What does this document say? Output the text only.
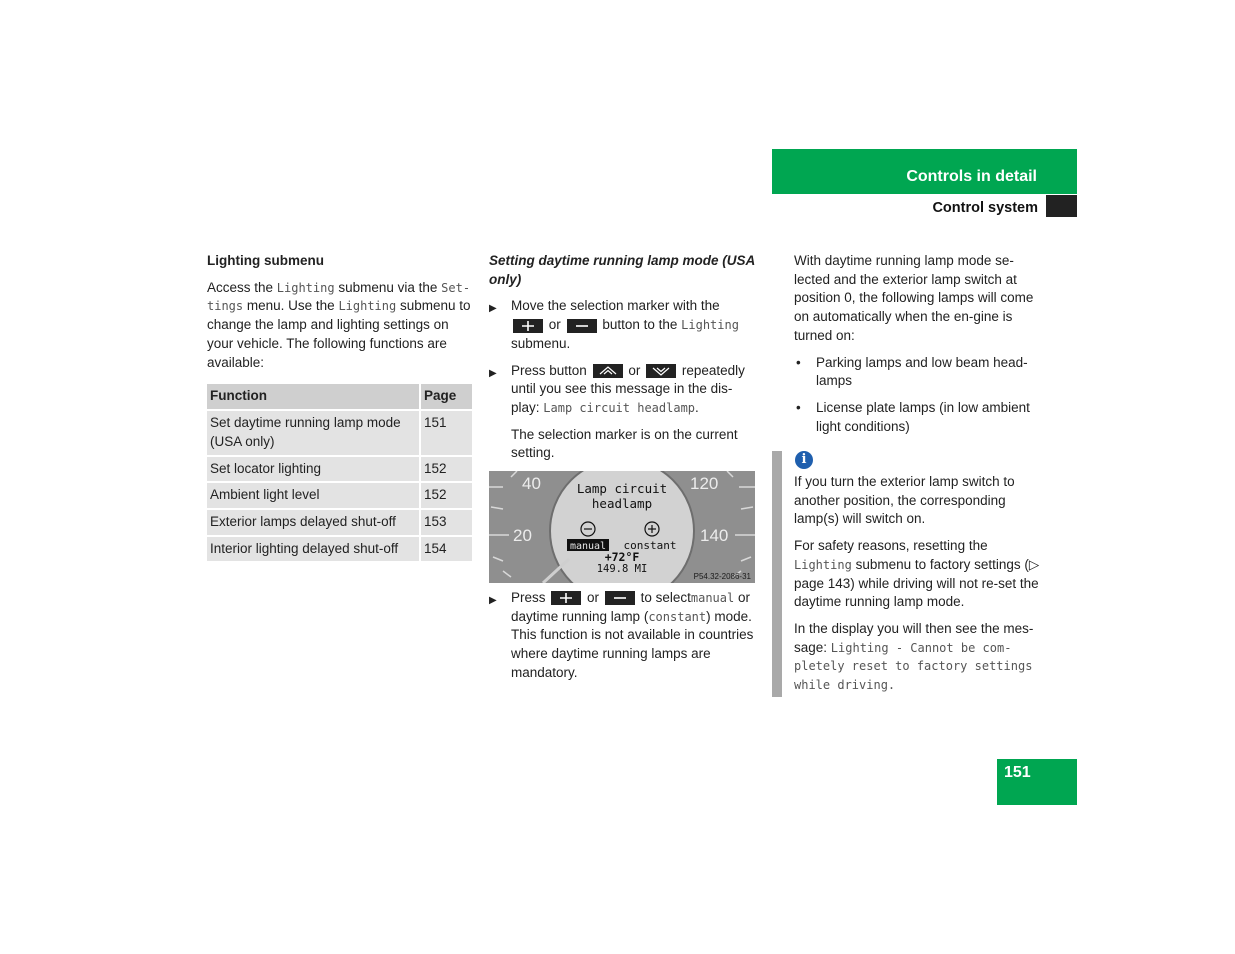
Controls in detail
Control system
Lighting submenu

Access the Lighting submenu via the Set-tings menu. Use the Lighting submenu to change the lamp and lighting settings on your vehicle. The following functions are available:

Function	Page
Set daytime running lamp mode (USA only)	151
Set locator lighting	152
Ambient light level	152
Exterior lamps delayed shut-off	153
Interior lighting delayed shut-off	154
Setting daytime running lamp mode (USA only)
▶ Move the selection marker with the
or	button to the Lighting submenu.
▶ Press button	or	repeatedly until you see this message in the dis-play: Lamp circuit headlamp.
The selection marker is on the current setting.
40
20
120
140
Lamp circuit
headlamp
manual constant
+72°F
149.8 MI
P54.32-2086-31
▶ Press	or	to selectmanual or daytime running lamp (constant) mode. This function is not available in countries where daytime running lamps are mandatory.

With daytime running lamp mode se-lected and the exterior lamp switch at position 0, the following lamps will come on automatically when the en-gine is turned on:

• Parking lamps and low beam head-lamps
• License plate lamps (in low ambient light conditions)
i

If you turn the exterior lamp switch to another position, the corresponding lamp(s) will switch on.

For safety reasons, resetting the Lighting submenu to factory settings (▷ page 143) while driving will not re-set the daytime running lamp mode.

In the display you will then see the mes-sage: Lighting - Cannot be com-pletely reset to factory settings while driving.

151
